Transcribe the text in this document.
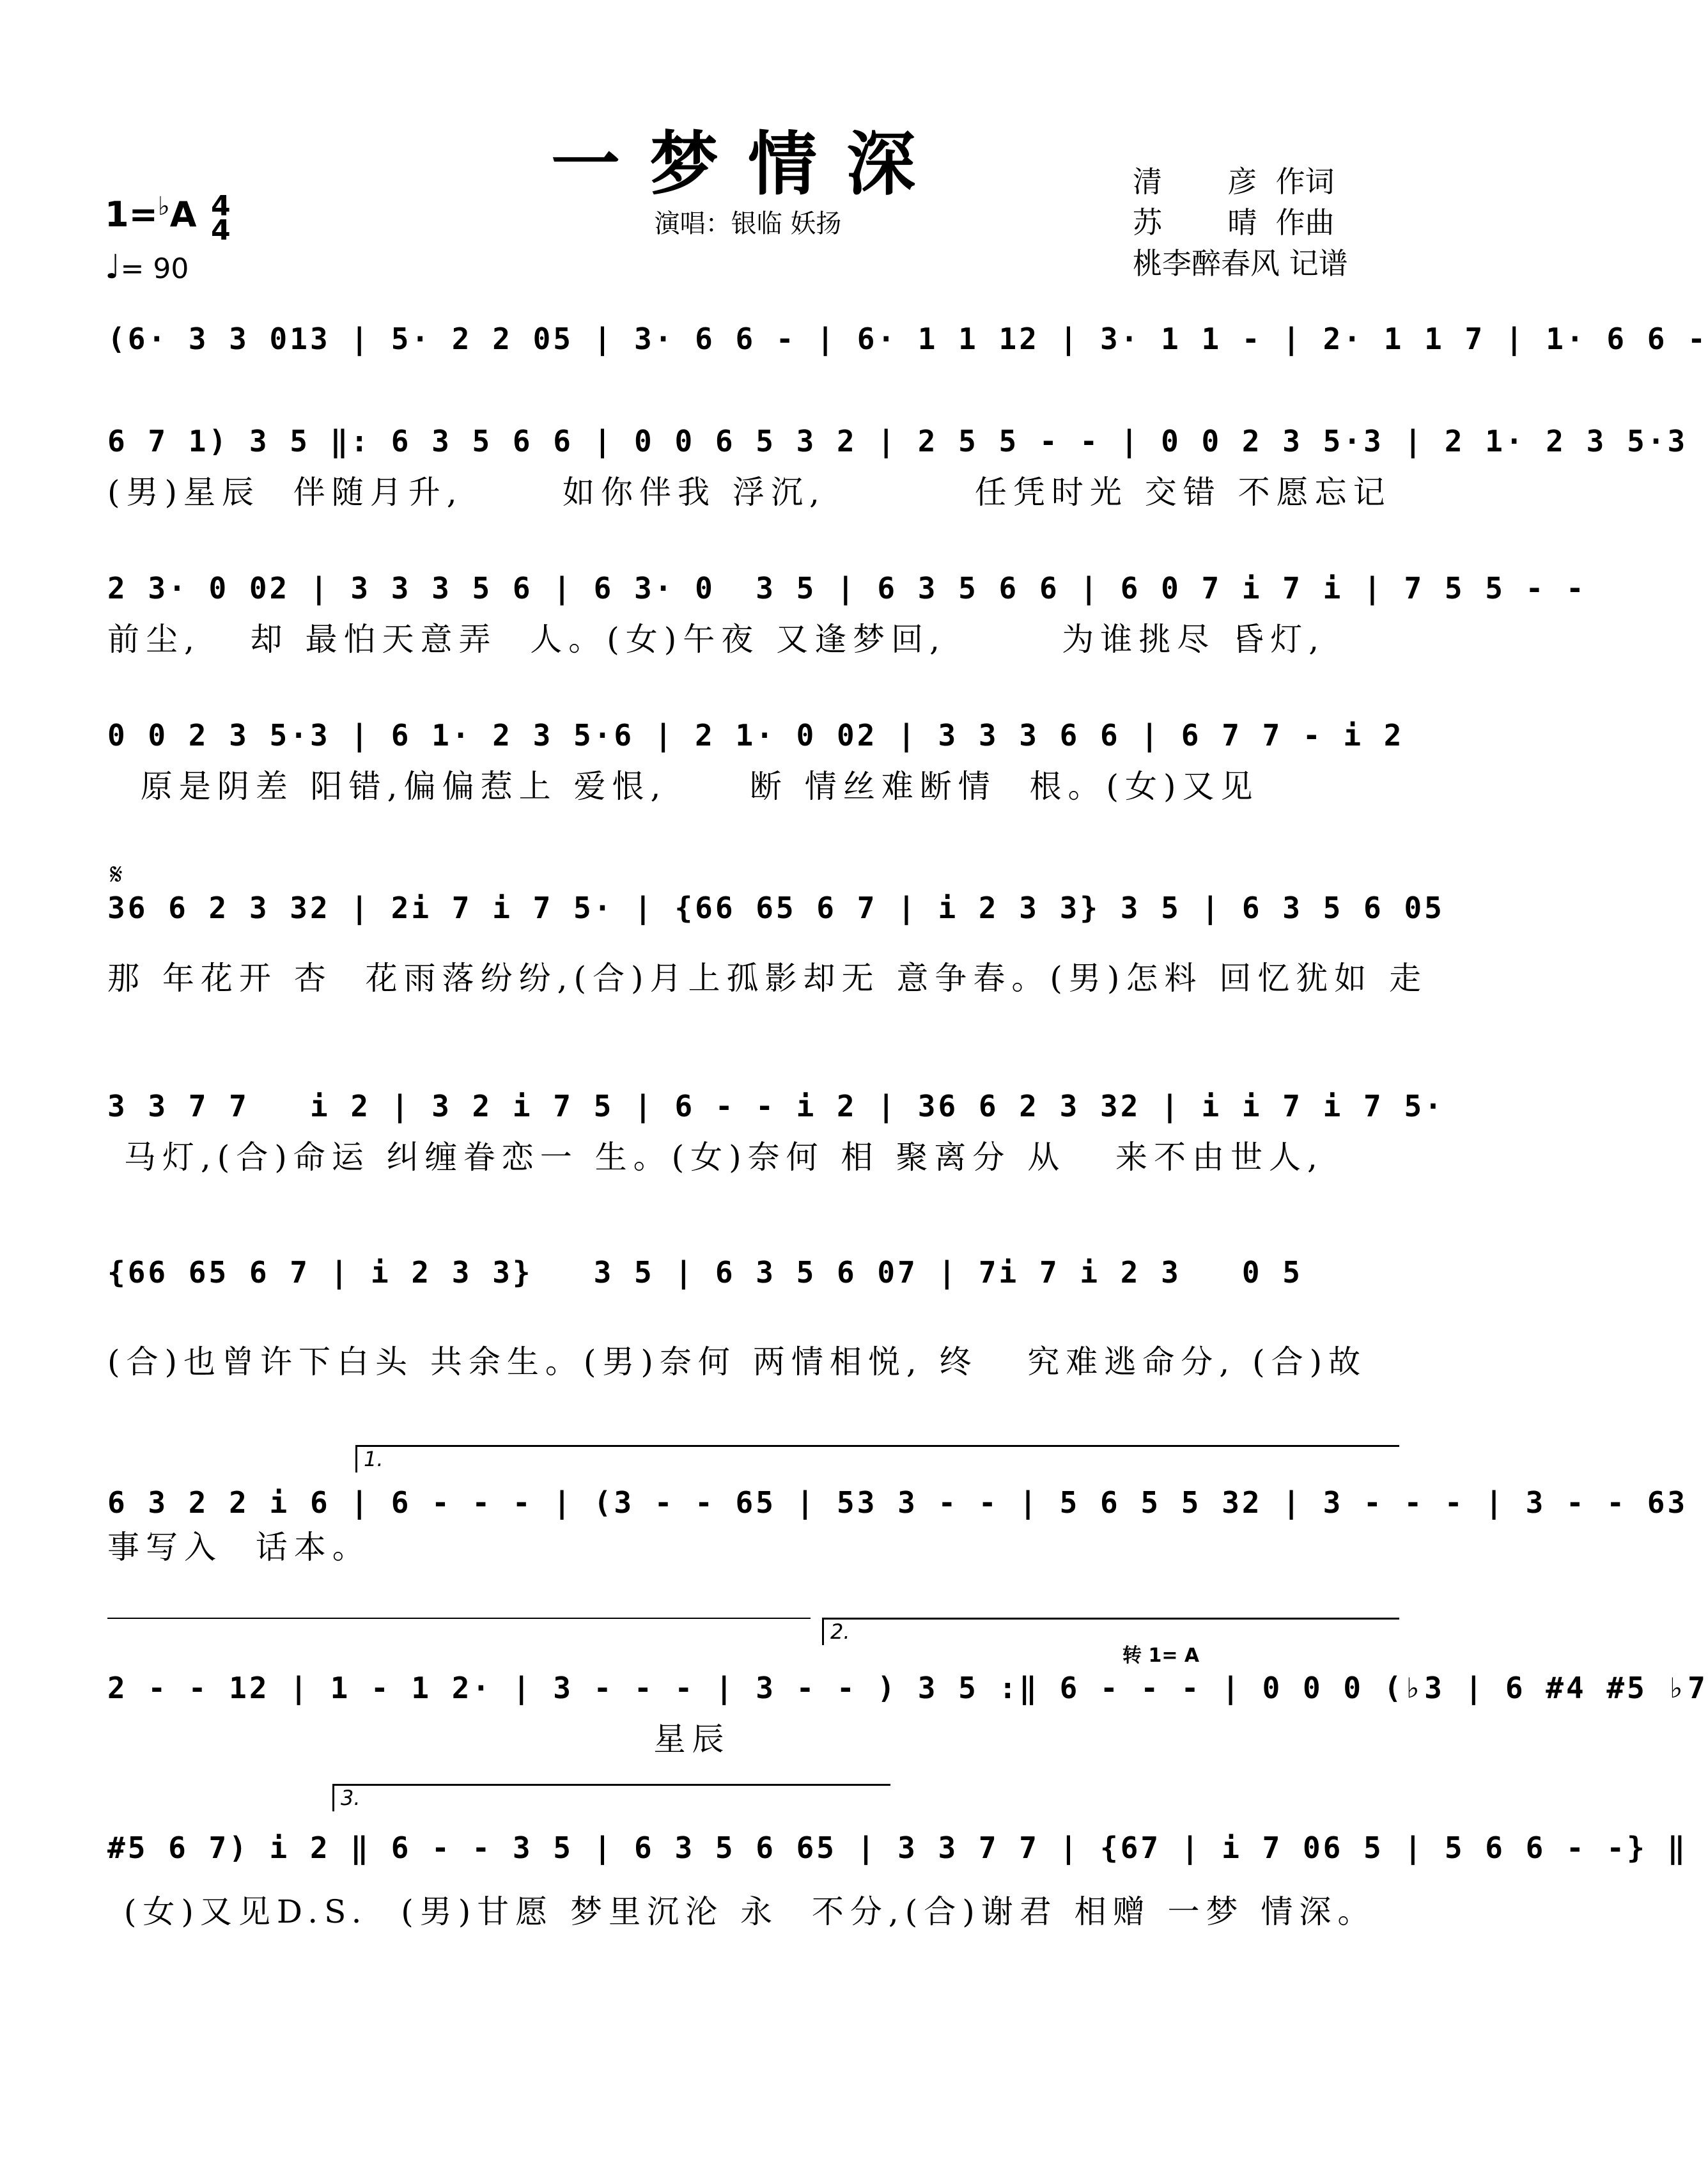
一梦情深
演唱：银临 妖扬
清       彦  作词
苏       晴  作曲
桃李醉春风 记谱
1=♭A 4
4
♩= 90
(6· 3 3 013 | 5· 2 2 05 | 3· 6 6 - | 6· 1 1 12 | 3· 1 1 - | 2· 1 1 7 | 1· 6 6 -
6 7 1) 3 5 ‖: 6 3 5 6 6 | 0 0 6 5 3 2 | 2 5 5 - - | 0 0 2 3 5·3 | 2 1· 2 3 5·3
(男)星辰  伴随月升,      如你伴我 浮沉,         任凭时光 交错 不愿忘记
2 3· 0 02 | 3 3 3 5 6 | 6 3· 0  3 5 | 6 3 5 6 6 | 6 0 7 i 7 i | 7 5 5 - -
前尘,   却 最怕天意弄  人。(女)午夜 又逢梦回,       为谁挑尽 昏灯,
0 0 2 3 5·3 | 6 1· 2 3 5·6 | 2 1· 0 02 | 3 3 3 6 6 | 6 7 7 - i 2
原是阴差 阳错,偏偏惹上 爱恨,     断 情丝难断情  根。(女)又见
𝄋
36 6 2 3 32 | 2i 7 i 7 5· | {66 65 6 7 | i 2 3 3} 3 5 | 6 3 5 6 05
那 年花开 杏  花雨落纷纷,(合)月上孤影却无 意争春。(男)怎料 回忆犹如 走
3 3 7 7   i 2 | 3 2 i 7 5 | 6 - - i 2 | 36 6 2 3 32 | i i 7 i 7 5·
马灯,(合)命运 纠缠眷恋一 生。(女)奈何 相 聚离分 从   来不由世人,
{66 65 6 7 | i 2 3 3}   3 5 | 6 3 5 6 07 | 7i 7 i 2 3   0 5
(合)也曾许下白头 共余生。(男)奈何 两情相悦, 终   究难逃命分, (合)故
1.
6 3 2 2 i 6 | 6 - - - | (3 - - 65 | 53 3 - - | 5 6 5 5 32 | 3 - - - | 3 - - 63
事写入  话本。
2.
转 1= A
2 - - 12 | 1 - 1 2· | 3 - - - | 3 - - ) 3 5 :‖ 6 - - - | 0 0 0 (♭3 | 6 #4 #5 ♭7
星辰
3.
#5 6 7) i 2 ‖ 6 - - 3 5 | 6 3 5 6 65 | 3 3 7 7 | {67 | i 7 06 5 | 5 6 6 - -} ‖
(女)又见D.S.  (男)甘愿 梦里沉沦 永  不分,(合)谢君 相赠 一梦 情深。
